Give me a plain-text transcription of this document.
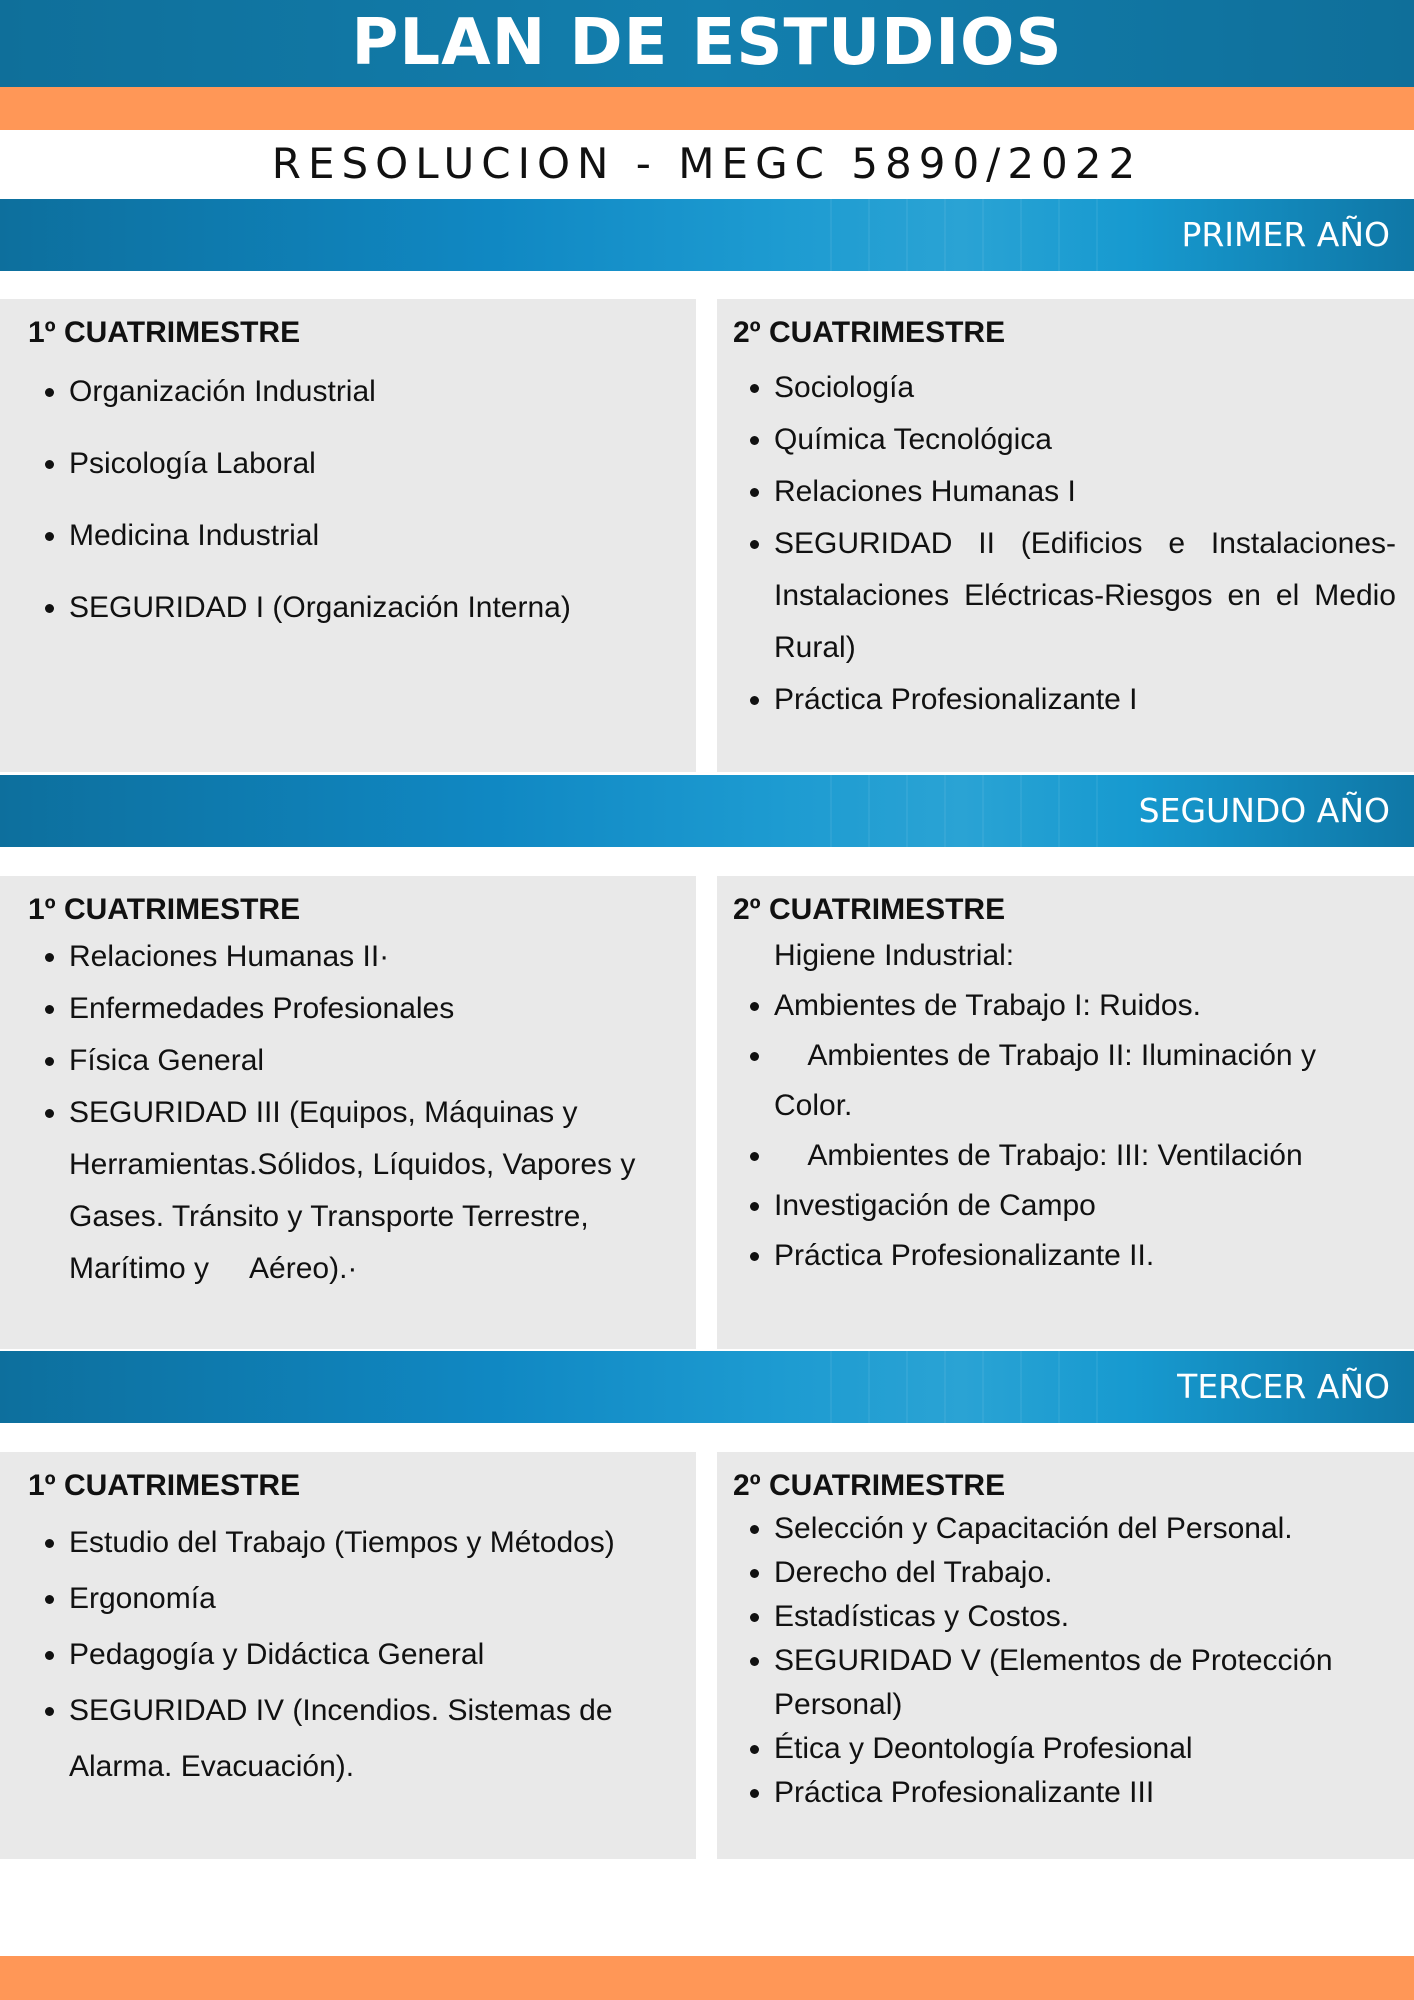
PLAN DE ESTUDIOS
RESOLUCION - MEGC 5890/2022
PRIMER AÑO
1º CUATRIMESTRE
• Organización Industrial
• Psicología Laboral
• Medicina Industrial
• SEGURIDAD I (Organización Interna)
2º CUATRIMESTRE
• Sociología
• Química Tecnológica
• Relaciones Humanas I
• SEGURIDAD II (Edificios e Instalaciones-Instalaciones Eléctricas-Riesgos en el Medio Rural)
• Práctica Profesionalizante I
SEGUNDO AÑO
1º CUATRIMESTRE
• Relaciones Humanas II·
• Enfermedades Profesionales
• Física General
• SEGURIDAD III (Equipos, Máquinas y Herramientas.Sólidos, Líquidos, Vapores y Gases. Tránsito y Transporte Terrestre, Marítimo y     Aéreo).·
2º CUATRIMESTRE
Higiene Industrial:
• Ambientes de Trabajo I: Ruidos.
•     Ambientes de Trabajo II: Iluminación y Color.
•     Ambientes de Trabajo: III: Ventilación
• Investigación de Campo
• Práctica Profesionalizante II.
TERCER AÑO
1º CUATRIMESTRE
• Estudio del Trabajo (Tiempos y Métodos)
• Ergonomía
• Pedagogía y Didáctica General
• SEGURIDAD IV (Incendios. Sistemas de Alarma. Evacuación).
2º CUATRIMESTRE
• Selección y Capacitación del Personal.
• Derecho del Trabajo.
• Estadísticas y Costos.
• SEGURIDAD V (Elementos de Protección Personal)
• Ética y Deontología Profesional
• Práctica Profesionalizante III
